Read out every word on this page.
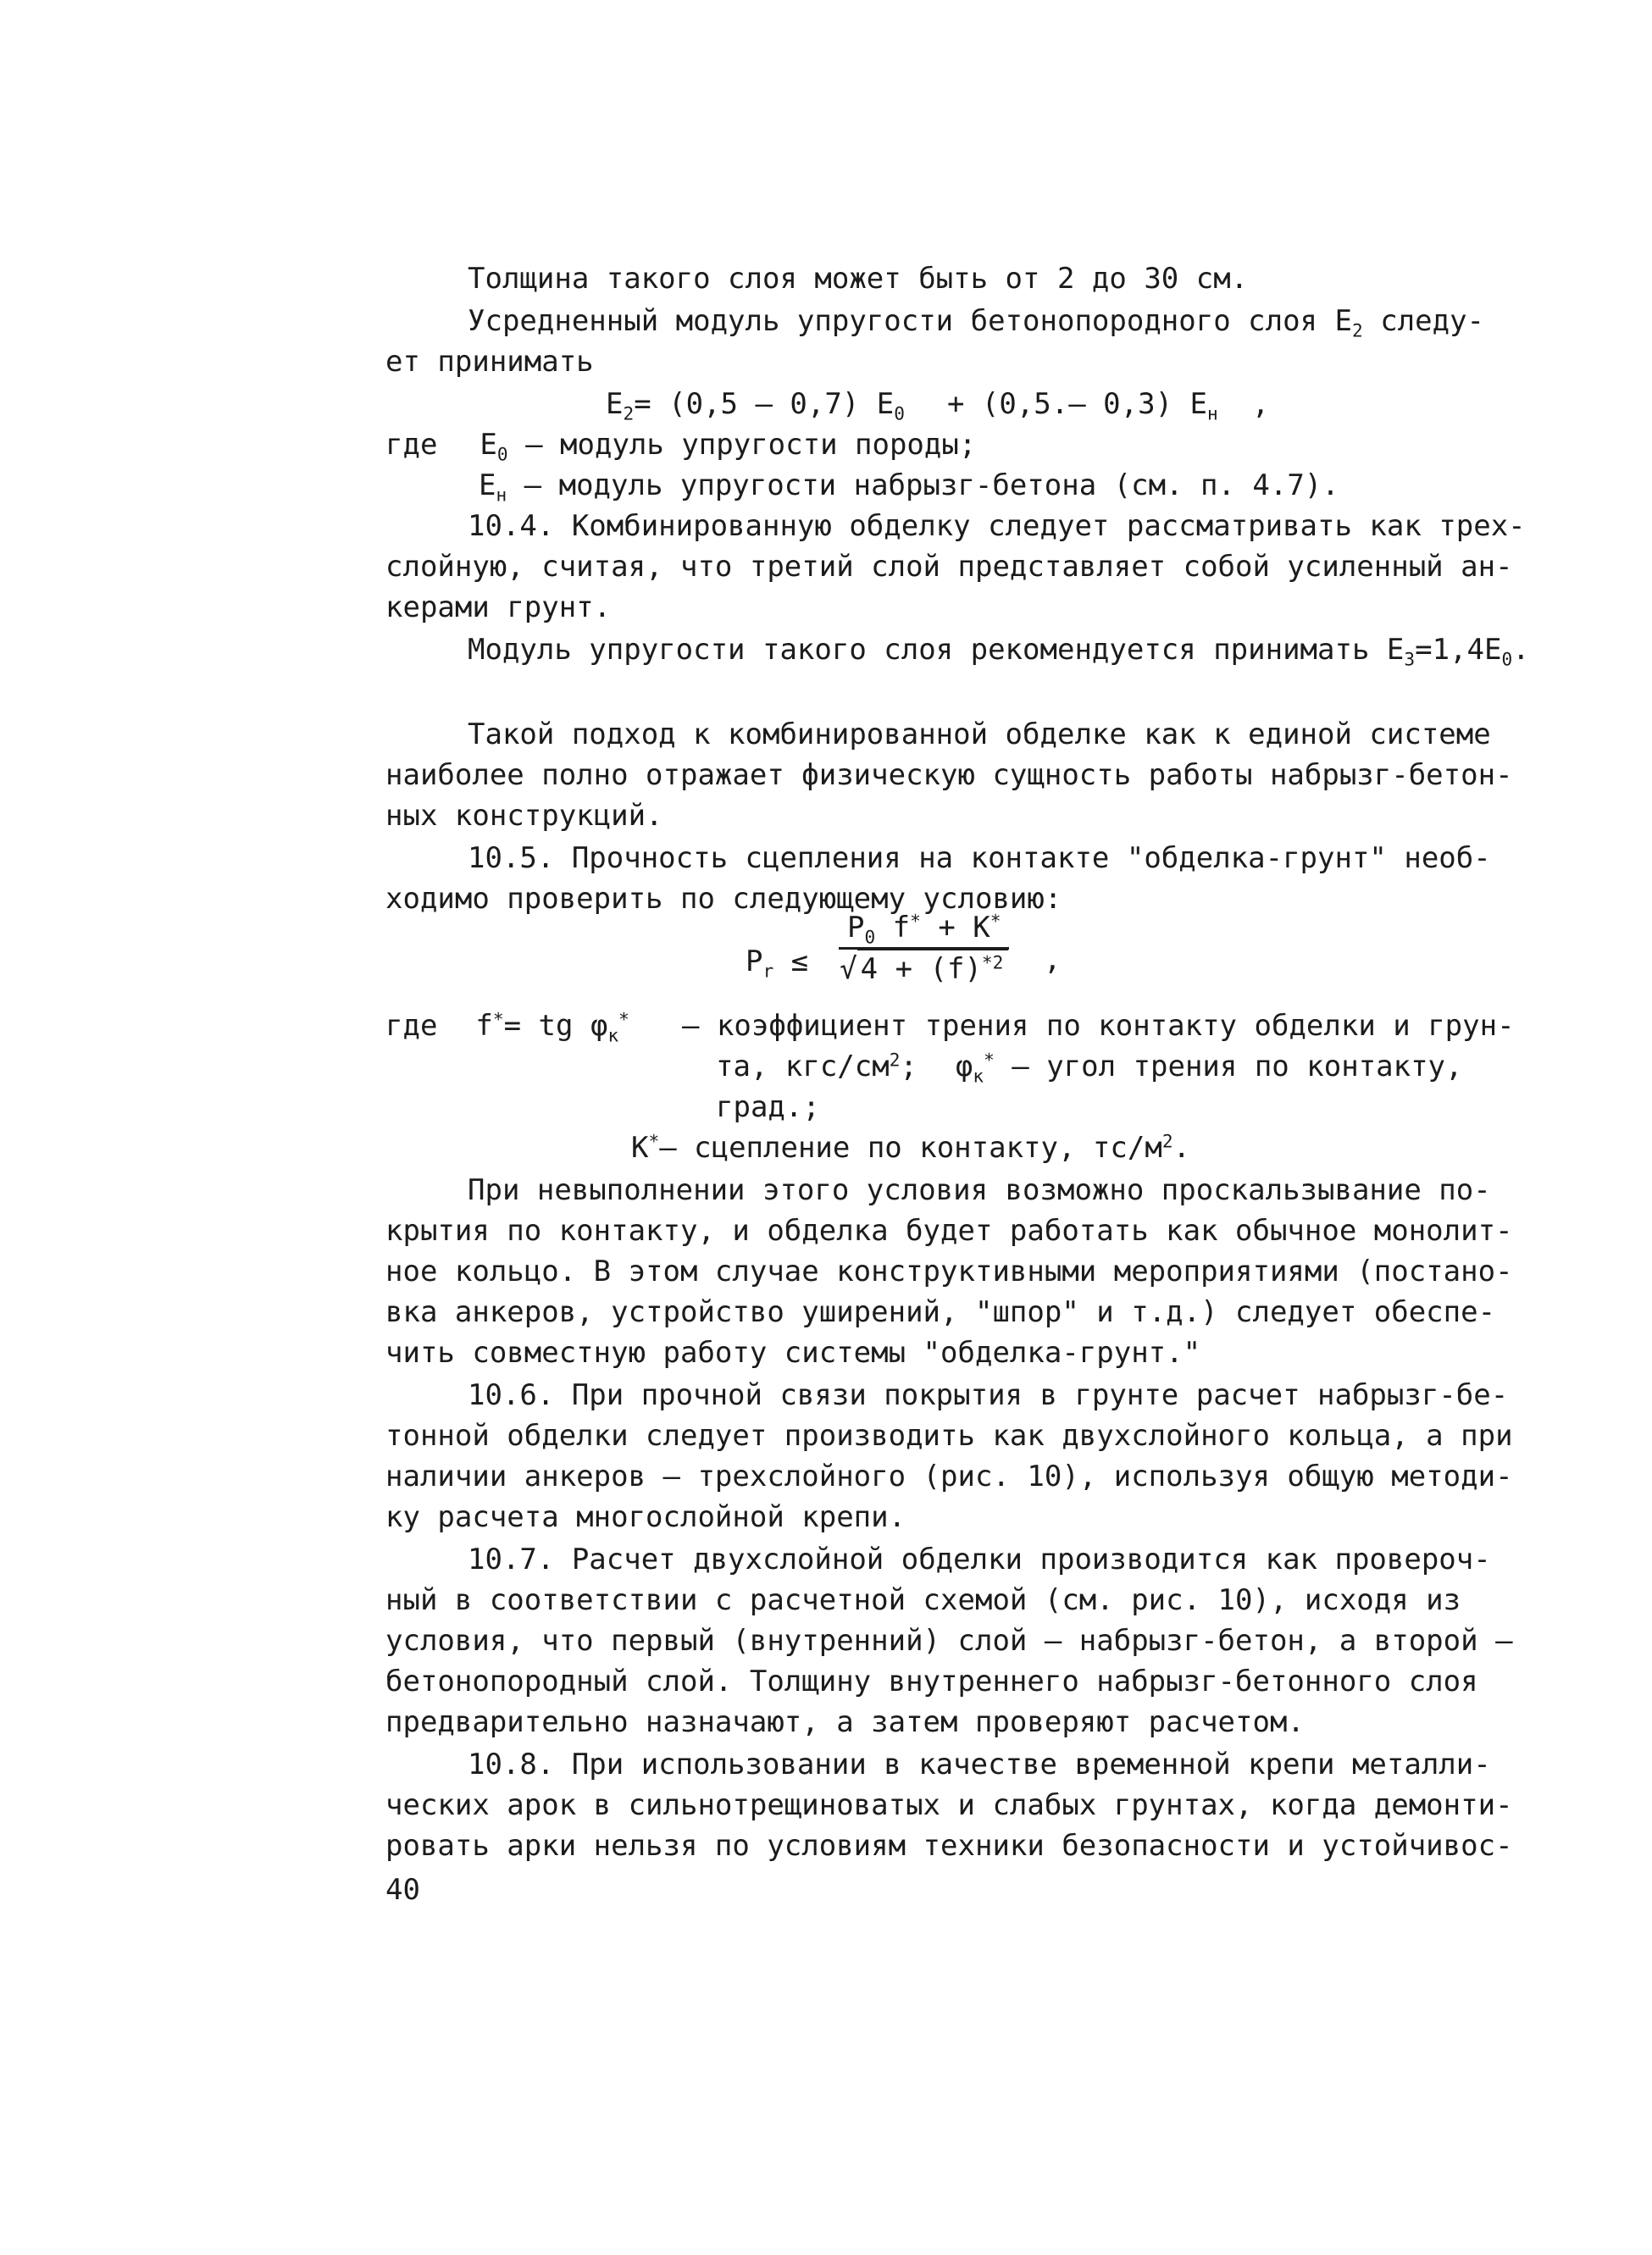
Толщина такого слоя может быть от 2 до 30 см.
Усредненный модуль упругости бетонопородного слоя $E_2$ следу-
ет принимать
$E_2= (0,5 - 0,7) E_0 + (0,5.-$ 0,3) $E_н$ ,
где $E_0$ – модуль упругости породы;
$E_н$ – модуль упругости набрызг-бетона (см. п. 4.7).
10.4. Комбинированную обделку следует рассматривать как трех-
слойную, считая, что третий слой представляет собой усиленный ан-
керами грунт.
Модуль упругости такого слоя рекомендуется принимать $E_3=1,4E_0$.
Такой подход к комбинированной обделке как к единой системе
наиболее полно отражает физическую сущность работы набрызг-бетон-
ных конструкций.
10.5. Прочность сцепления на контакте "обделка-грунт" необ-
ходимо проверить по следующему условию:
$P_r \le \frac{P_0 f^* + K^*}{√ 4 + (f)^{*2}}$ ,
где f*= tg $\varphi_к^*$ – коэффициент трения по контакту обделки и грун-
та, кгс/$см^2$; $\varphi_к^*$ – угол трения по контакту,
град.;
K*– сцепление по контакту, $тс/м^2$.
При невыполнении этого условия возможно проскальзывание по-
крытия по контакту, и обделка будет работать как обычное монолит-
ное кольцо. В этом случае конструктивными мероприятиями (постано-
вка анкеров, устройство уширений, "шпор" и т.д.) следует обеспе-
чить совместную работу системы "обделка-грунт."
10.6. При прочной связи покрытия в грунте расчет набрызг-бе-
тонной обделки следует производить как двухслойного кольца, а при
наличии анкеров – трехслойного (рис. 10), используя общую методи-
ку расчета многослойной крепи.
10.7. Расчет двухслойной обделки производится как провероч-
ный в соответствии с расчетной схемой (см. рис. 10), исходя из
условия, что первый (внутренний) слой – набрызг-бетон, а второй –
бетонопородный слой. Толщину внутреннего набрызг-бетонного слоя
предварительно назначают, а затем проверяют расчетом.
10.8. При использовании в качестве временной крепи металли-
ческих арок в сильнотрещиноватых и слабых грунтах, когда демонти-
ровать арки нельзя по условиям техники безопасности и устойчивос-
40
